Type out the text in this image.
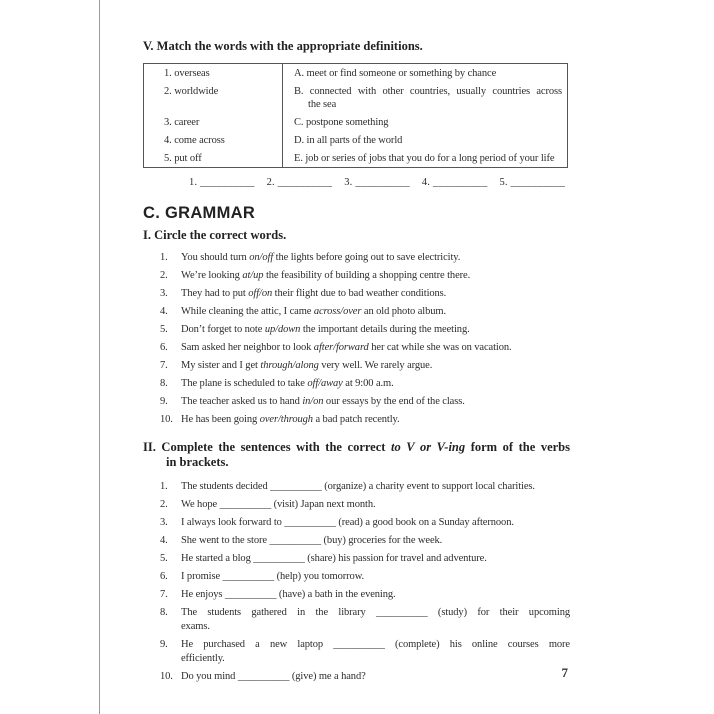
V. Match the words with the appropriate definitions.
1. overseas	A. meet or find someone or something by chance

2. worldwide	B. connected with other countries, usually countries across
the sea

3. career	C. postpone something

4. come across	D. in all parts of the world

5. put off	E. job or series of jobs that you do for a long period of your life
1. __________ 2. __________ 3. __________ 4. __________ 5. __________
C. GRAMMAR
I. Circle the correct words.
1.	You should turn on/off the lights before going out to save electricity.
2.	We’re looking at/up the feasibility of building a shopping centre there.
3.	They had to put off/on their flight due to bad weather conditions.
4.	While cleaning the attic, I came across/over an old photo album.
5.	Don’t forget to note up/down the important details during the meeting.
6.	Sam asked her neighbor to look after/forward her cat while she was on vacation.
7.	My sister and I get through/along very well. We rarely argue.
8.	The plane is scheduled to take off/away at 9:00 a.m.
9.	The teacher asked us to hand in/on our essays by the end of the class.
10. He has been going over/through a bad patch recently.
II. Complete the sentences with the correct to V or V-ing form of the verbs
in brackets.
1.	The students decided __________ (organize) a charity event to support local charities.
2.	We hope __________ (visit) Japan next month.
3.	I always look forward to __________ (read) a good book on a Sunday afternoon.
4.	She went to the store __________ (buy) groceries for the week.
5.	He started a blog __________ (share) his passion for travel and adventure.
6.	I promise __________ (help) you tomorrow.
7.	He enjoys __________ (have) a bath in the evening.
8.	The students gathered in the library __________ (study) for their upcoming
exams.
9.	He purchased a new laptop __________ (complete) his online courses more
efficiently.
10. Do you mind __________ (give) me a hand?	7
